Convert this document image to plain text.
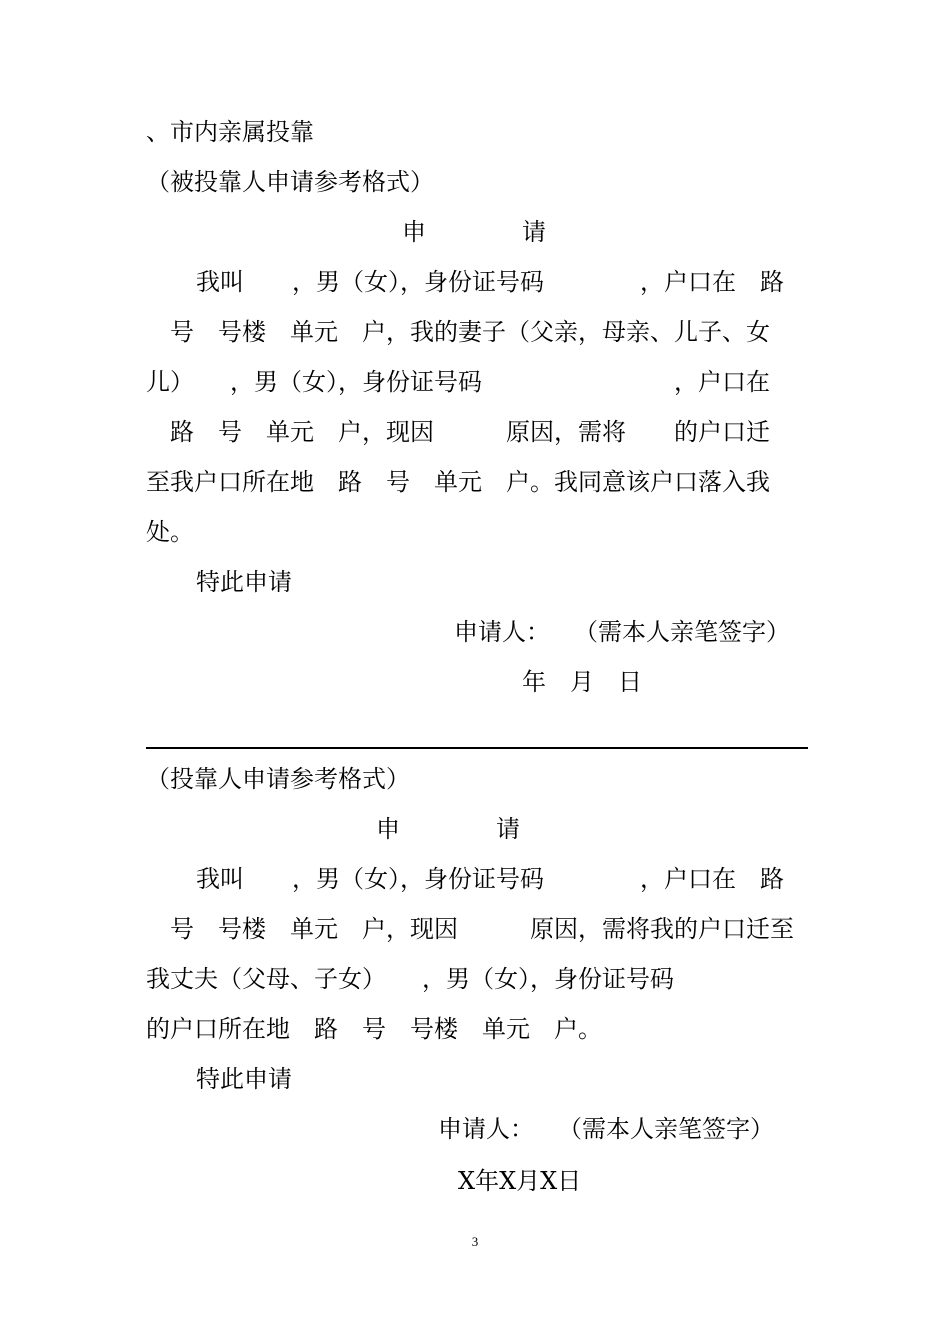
、市内亲属投靠

（被投靠人申请参考格式）

申　　　　请

我叫　　，男（女），身份证号码　　　　，户口在　路

　号　号楼　单元　户，我的妻子（父亲，母亲、儿子、女

儿）　　，男（女），身份证号码　　　　　　　　，户口在

　路　号　单元　户，现因　　　原因，需将　　的户口迁

至我户口所在地　路　号　单元　户。我同意该户口落入我

处。

特此申请

申请人：　　（需本人亲笔签字）

年　月　日

（投靠人申请参考格式）

申　　　　请

我叫　　，男（女），身份证号码　　　　，户口在　路

　号　号楼　单元　户，现因　　　原因，需将我的户口迁至

我丈夫（父母、子女）　　，男（女），身份证号码

的户口所在地　路　号　号楼　单元　户。

特此申请

申请人：　　（需本人亲笔签字）

X年X月X日

3
